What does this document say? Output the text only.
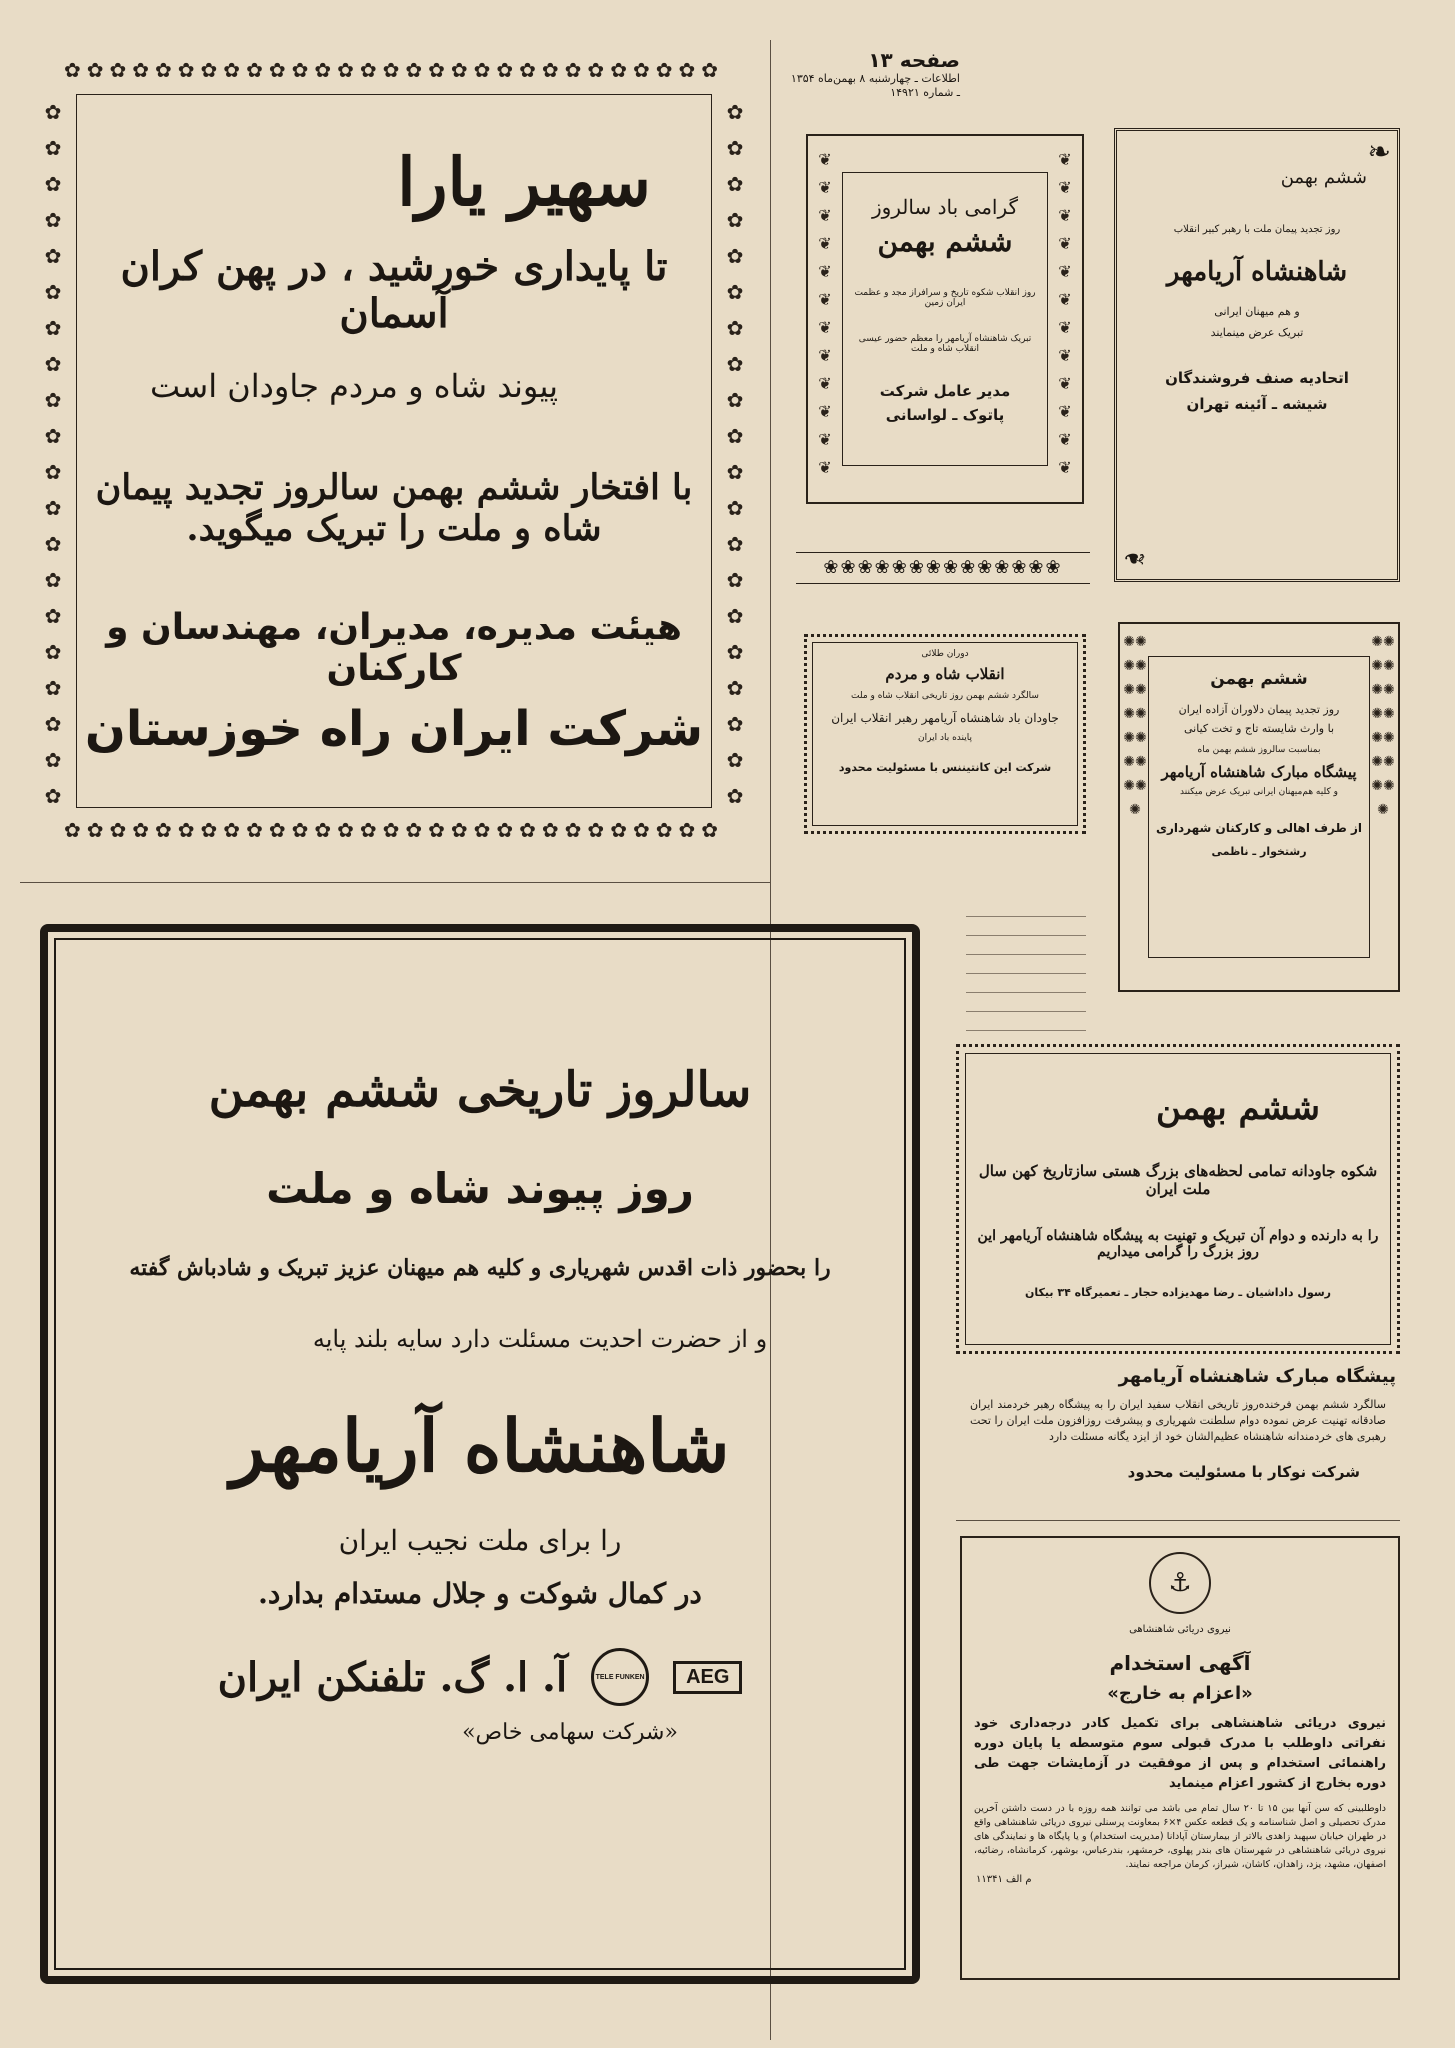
صفحه ۱۳
اطلاعات ـ چهارشنبه ۸ بهمن‌ماه ۱۳۵۴ ـ شماره ۱۴۹۲۱
✿✿✿✿✿✿✿✿✿✿✿✿✿✿✿✿✿✿✿✿✿✿✿✿✿✿✿✿✿
✿✿✿✿✿✿✿✿✿✿✿✿✿✿✿✿✿✿✿✿✿✿✿✿✿✿✿✿✿
✿✿✿✿✿✿✿✿✿✿✿✿✿✿✿✿✿✿✿✿
✿✿✿✿✿✿✿✿✿✿✿✿✿✿✿✿✿✿✿✿
سهیر یارا
تا پایداری خورشید ، در پهن کران آسمان
پیوند شاه و مردم جاودان است
با افتخار ششم بهمن سالروز تجدید پیمان شاه و ملت را تبریک میگوید.
هیئت مدیره، مدیران، مهندسان و کارکنان
شرکت ایران راه خوزستان
❦❦❦❦❦❦❦❦❦❦❦❦
❦❦❦❦❦❦❦❦❦❦❦❦
گرامی باد سالروز
ششم بهمن
روز انقلاب شکوه تاریخ و سرافراز مجد و عظمت ایران زمین
تبریک شاهنشاه آریامهر را معظم حضور عیسی انقلاب شاه و ملت
مدیر عامل شرکت
پاتوک ـ لواسانی
❀❀❀❀❀❀❀❀❀❀❀❀❀❀
❧
❧
ششم بهمن
روز تجدید پیمان ملت با رهبر کبیر انقلاب
شاهنشاه آریامهر
و هم میهنان ایرانی
تبریک عرض مینمایند
اتحادیه صنف فروشندگان
شیشه ـ آئینه تهران
دوران طلائی
انقلاب شاه و مردم
سالگرد ششم بهمن روز تاریخی انقلاب شاه و ملت
جاودان باد شاهنشاه آریامهر رهبر انقلاب ایران
پاینده باد ایران
شرکت این کانتیننس با مسئولیت محدود
✺✺✺✺✺✺✺✺✺✺✺✺✺✺✺
✺✺✺✺✺✺✺✺✺✺✺✺✺✺✺
ششم بهمن
روز تجدید پیمان دلاوران آزاده ایران
با وارث شایسته تاج و تخت کیانی
بمناسبت سالروز ششم بهمن ماه
پیشگاه مبارک شاهنشاه آریامهر
و کلیه هم‌میهنان ایرانی تبریک عرض میکنند
از طرف اهالی و کارکنان شهرداری
رشتخوار ـ ناظمی
سالروز تاریخی ششم بهمن
روز پیوند شاه و ملت
را بحضور ذات اقدس شهریاری و کلیه هم میهنان عزیز تبریک و شادباش گفته
و از حضرت احدیت مسئلت دارد سایه بلند پایه
شاهنشاه آریامهر
را برای ملت نجیب ایران
در کمال شوکت و جلال مستدام بدارد.
آ. ا. گ. تلفنکن ایران	TELE FUNKEN	AEG
«شرکت سهامی خاص»
ششم بهمن
شکوه جاودانه تمامی لحظه‌های بزرگ هستی سازتاریخ کهن سال ملت ایران
را به دارنده و دوام آن تبریک و تهنیت به پیشگاه شاهنشاه آریامهر این روز بزرگ را گرامی میداریم
رسول داداشیان ـ رضا مهدیزاده حجار ـ تعمیرگاه ۳۴ بیکان
پیشگاه مبارک شاهنشاه آریامهر
سالگرد ششم بهمن فرخنده‌روز تاریخی انقلاب سفید ایران را به پیشگاه رهبر خردمند ایران صادقانه تهنیت عرض نموده دوام سلطنت شهریاری و پیشرفت روزافزون ملت ایران را تحت رهبری های خردمندانه شاهنشاه عظیم‌الشان خود از ایزد یگانه مسئلت دارد
شرکت نوکار با مسئولیت محدود
⚓
نیروی دریائی شاهنشاهی
آگهی استخدام
«اعزام به خارج»
نیروی دریائی شاهنشاهی برای تکمیل کادر درجه‌داری خود نفراتی داوطلب با مدرک قبولی سوم متوسطه یا پایان دوره راهنمائی استخدام و پس از موفقیت در آزمایشات جهت طی دوره بخارج از کشور اعزام مینماید
داوطلبینی که سن آنها بین ۱۵ تا ۲۰ سال تمام می باشد می توانند همه روزه با در دست داشتن آخرین مدرک تحصیلی و اصل شناسنامه و یک قطعه عکس ۴×۶ بمعاونت پرسنلی نیروی دریائی شاهنشاهی واقع در طهران خیابان سپهبد زاهدی بالاتر از بیمارستان آپادانا (مدیریت استخدام) و یا پایگاه ها و نمایندگی های نیروی دریائی شاهنشاهی در شهرستان های بندر پهلوی، خرمشهر، بندرعباس، بوشهر، کرمانشاه، رضائیه، اصفهان، مشهد، یزد، زاهدان، کاشان، شیراز، کرمان مراجعه نمایند.
م الف ۱۱۳۴۱
